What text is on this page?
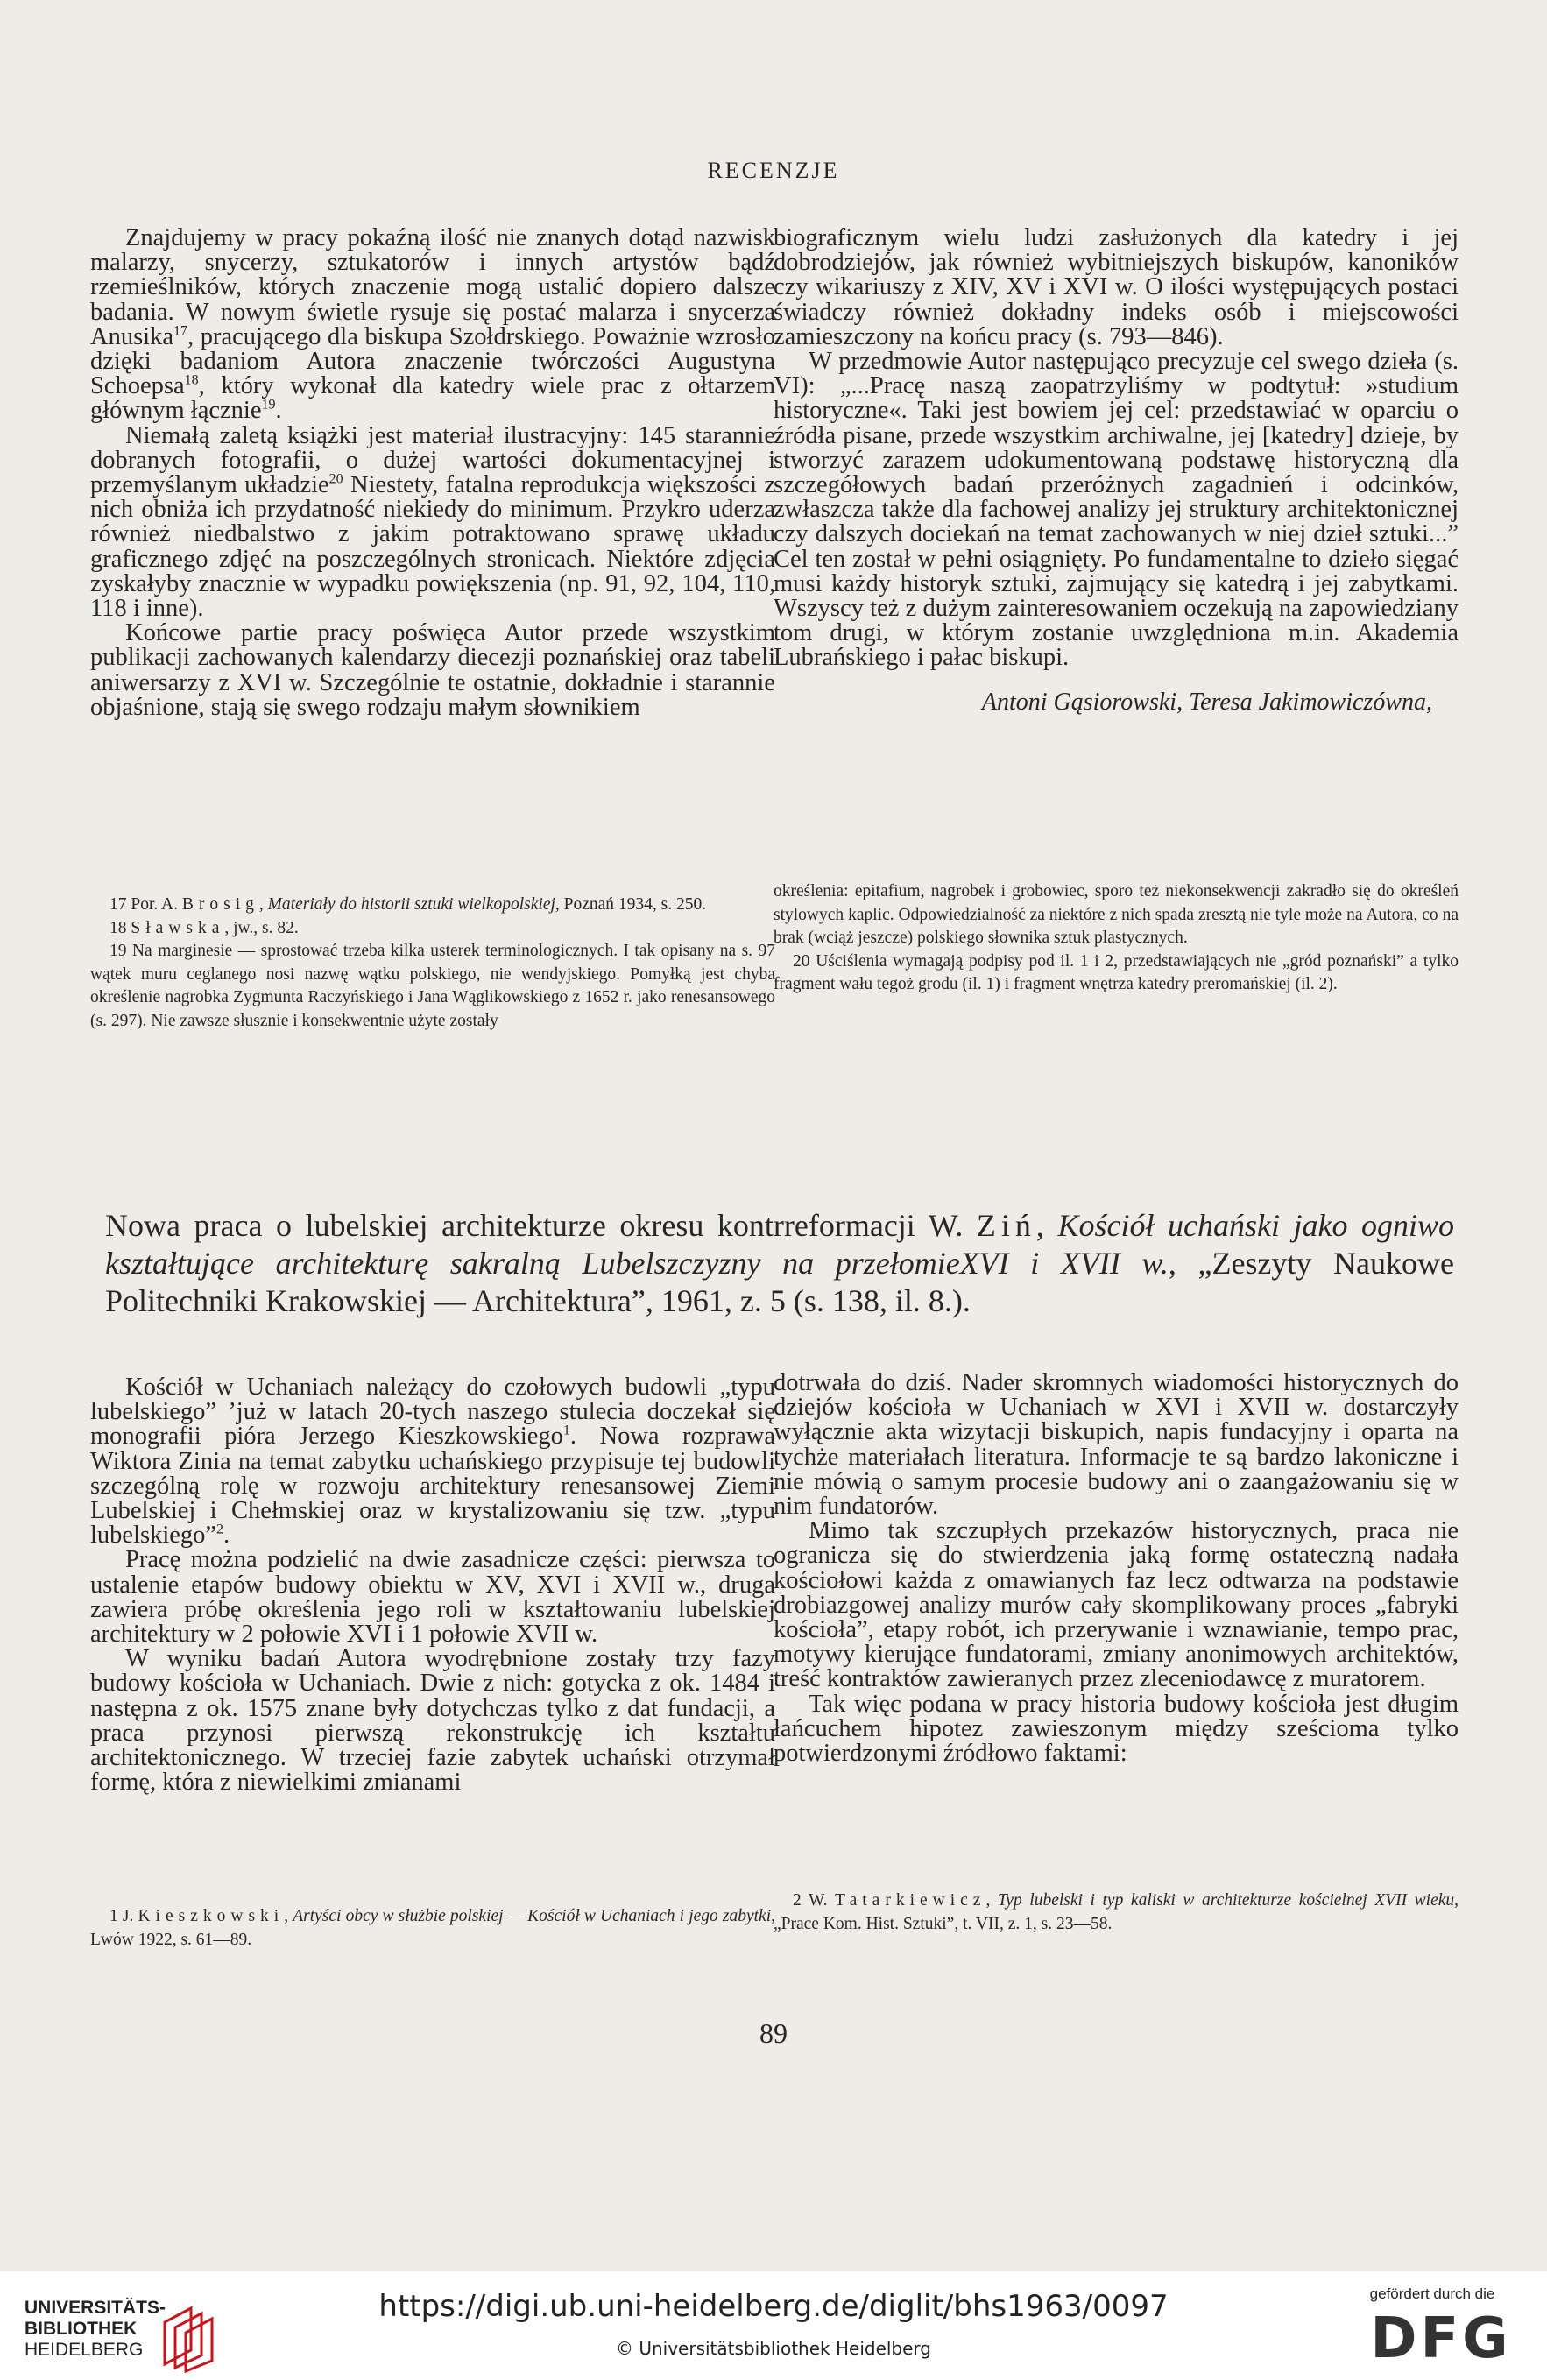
RECENZJE

Znajdujemy w pracy pokaźną ilość nie znanych dotąd nazwisk malarzy, snycerzy, sztukatorów i innych artystów bądź rzemieślników, których znaczenie mogą ustalić dopiero dalsze badania. W nowym świetle rysuje się postać malarza i snycerza Anusika$^{17}$, pracującego dla biskupa Szołdrskiego. Poważnie wzrosło dzięki badaniom Autora znaczenie twórczości Augustyna Schoepsa$^{18}$, który wykonał dla katedry wiele prac z ołtarzem głównym łącznie$^{19}$.

Niemałą zaletą książki jest materiał ilustracyjny: 145 starannie dobranych fotografii, o dużej wartości dokumentacyjnej i przemyślanym układzie$^{20}$ Niestety, fatalna reprodukcja większości z nich obniża ich przydatność niekiedy do minimum. Przykro uderza również niedbalstwo z jakim potraktowano sprawę układu graficznego zdjęć na poszczególnych stronicach. Niektóre zdjęcia zyskałyby znacznie w wypadku powiększenia (np. 91, 92, 104, 110, 118 i inne).

Końcowe partie pracy poświęca Autor przede wszystkim publikacji zachowanych kalendarzy diecezji poznańskiej oraz tabeli aniwersarzy z XVI w. Szczególnie te ostatnie, dokładnie i starannie objaśnione, stają się swego rodzaju małym słownikiem

biograficznym wielu ludzi zasłużonych dla katedry i jej dobrodziejów, jak również wybitniejszych biskupów, kanoników czy wikariuszy z XIV, XV i XVI w. O ilości występujących postaci świadczy również dokładny indeks osób i miejscowości zamieszczony na końcu pracy (s. 793—846).

W przedmowie Autor następująco precyzuje cel swego dzieła (s. VI): „...Pracę naszą zaopatrzyliśmy w podtytuł: »studium historyczne«. Taki jest bowiem jej cel: przedstawiać w oparciu o źródła pisane, przede wszystkim archiwalne, jej [katedry] dzieje, by stworzyć zarazem udokumentowaną podstawę historyczną dla szczegółowych badań przeróżnych zagadnień i odcinków, zwłaszcza także dla fachowej analizy jej struktury architektonicznej czy dalszych dociekań na temat zachowanych w niej dzieł sztuki...” Cel ten został w pełni osiągnięty. Po fundamentalne to dzieło sięgać musi każdy historyk sztuki, zajmujący się katedrą i jej zabytkami. Wszyscy też z dużym zainteresowaniem oczekują na zapowiedziany tom drugi, w którym zostanie uwzględniona m.in. Akademia Lubrańskiego i pałac biskupi.

Antoni Gąsiorowski, Teresa Jakimowiczówna,

17 Por. A. Brosig, Materiały do historii sztuki wielkopolskiej, Poznań 1934, s. 250.

18 Sławska, jw., s. 82.

19 Na marginesie — sprostować trzeba kilka usterek terminologicznych. I tak opisany na s. 97 wątek muru ceglanego nosi nazwę wątku polskiego, nie wendyjskiego. Pomyłką jest chyba określenie nagrobka Zygmunta Raczyńskiego i Jana Wąglikowskiego z 1652 r. jako renesansowego (s. 297). Nie zawsze słusznie i konsekwentnie użyte zostały

określenia: epitafium, nagrobek i grobowiec, sporo też niekonsekwencji zakradło się do określeń stylowych kaplic. Odpowiedzialność za niektóre z nich spada zresztą nie tyle może na Autora, co na brak (wciąż jeszcze) polskiego słownika sztuk plastycznych.

20 Uściślenia wymagają podpisy pod il. 1 i 2, przedstawiających nie „gród poznański” a tylko fragment wału tegoż grodu (il. 1) i fragment wnętrza katedry preromańskiej (il. 2).

Nowa praca o lubelskiej architekturze okresu kontrreformacji W. Ziń, Kościół uchański jako ogniwo kształtujące architekturę sakralną Lubelszczyzny na przełomieXVI i XVII w., „Zeszyty Naukowe Politechniki Krakowskiej — Architektura”, 1961, z. 5 (s. 138, il. 8.).

Kościół w Uchaniach należący do czołowych budowli „typu lubelskiego” ’już w latach 20-tych naszego stulecia doczekał się monografii pióra Jerzego Kieszkowskiego$^1$. Nowa rozprawa Wiktora Zinia na temat zabytku uchańskiego przypisuje tej budowli szczególną rolę w rozwoju architektury renesansowej Ziemi Lubelskiej i Chełmskiej oraz w krystalizowaniu się tzw. „typu lubelskiego”$^2$.

Pracę można podzielić na dwie zasadnicze części: pierwsza to ustalenie etapów budowy obiektu w XV, XVI i XVII w., druga zawiera próbę określenia jego roli w kształtowaniu lubelskiej architektury w 2 połowie XVI i 1 połowie XVII w.

W wyniku badań Autora wyodrębnione zostały trzy fazy budowy kościoła w Uchaniach. Dwie z nich: gotycka z ok. 1484 i następna z ok. 1575 znane były dotychczas tylko z dat fundacji, a praca przynosi pierwszą rekonstrukcję ich kształtu architektonicznego. W trzeciej fazie zabytek uchański otrzymał formę, która z niewielkimi zmianami

dotrwała do dziś. Nader skromnych wiadomości historycznych do dziejów kościoła w Uchaniach w XVI i XVII w. dostarczyły wyłącznie akta wizytacji biskupich, napis fundacyjny i oparta na tychże materiałach literatura. Informacje te są bardzo lakoniczne i nie mówią o samym procesie budowy ani o zaangażowaniu się w nim fundatorów.

Mimo tak szczupłych przekazów historycznych, praca nie ogranicza się do stwierdzenia jaką formę ostateczną nadała kościołowi każda z omawianych faz lecz odtwarza na podstawie drobiazgowej analizy murów cały skomplikowany proces „fabryki kościoła”, etapy robót, ich przerywanie i wznawianie, tempo prac, motywy kierujące fundatorami, zmiany anonimowych architektów, treść kontraktów zawieranych przez zleceniodawcę z muratorem.

Tak więc podana w pracy historia budowy kościoła jest długim łańcuchem hipotez zawieszonym między sześcioma tylko potwierdzonymi źródłowo faktami:

1 J. Kieszkowski, Artyści obcy w służbie polskiej — Kościół w Uchaniach i jego zabytki, Lwów 1922, s. 61—89.

2 W. Tatarkiewicz, Typ lubelski i typ kaliski w architekturze kościelnej XVII wieku, „Prace Kom. Hist. Sztuki”, t. VII, z. 1, s. 23—58.

89
UNIVERSITÄTS-
BIBLIOTHEK
HEIDELBERG
https://digi.ub.uni-heidelberg.de/diglit/bhs1963/0097
© Universitätsbibliothek Heidelberg
gefördert durch die
DFG
